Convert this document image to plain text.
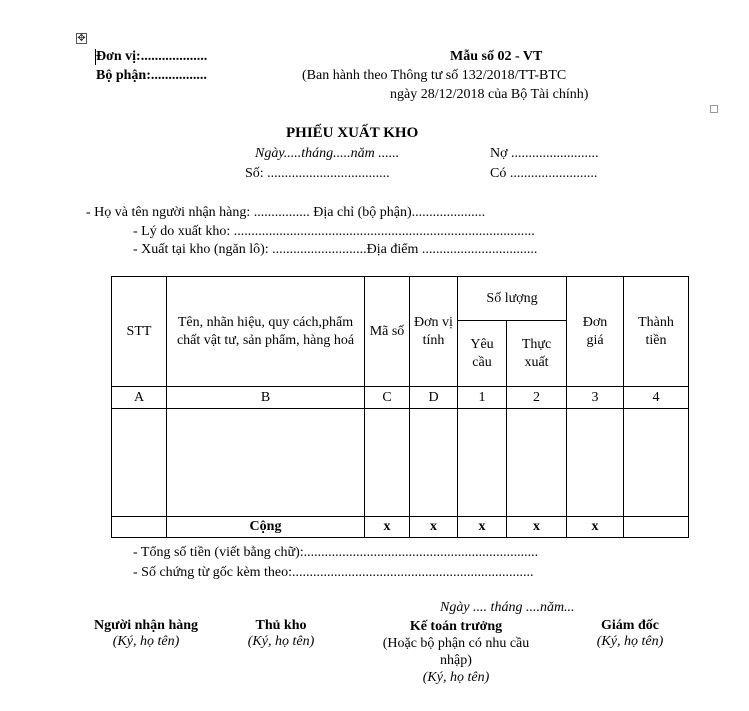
✥
Đơn vị:...................
Bộ phận:................
Mẫu số 02 - VT
(Ban hành theo Thông tư số 132/2018/TT-BTC
ngày 28/12/2018 của Bộ Tài chính)
PHIẾU XUẤT KHO
Ngày.....tháng.....năm ......
Số: ...................................
Nợ .........................
Có .........................
- Họ và tên người nhận hàng: ................ Địa chỉ (bộ phận).....................
- Lý do xuất kho: ......................................................................................
- Xuất tại kho (ngăn lô): ...........................Địa điểm .................................
STT	Tên, nhãn hiệu, quy cách,phẩm chất vật tư, sản phẩm, hàng hoá	Mã số	Đơn vị tính	Số lượng		Đơn giá	Thành tiền
				Yêu cầu	Thực xuất		
A	B	C	D	1	2	3	4

	Cộng	x	x	x	x	x	
- Tổng số tiền (viết bằng chữ):...................................................................
- Số chứng từ gốc kèm theo:.....................................................................
Ngày .... tháng ....năm...
Người nhận hàng
(Ký, họ tên)
Thủ kho
(Ký, họ tên)
Kế toán trưởng
(Hoặc bộ phận có nhu cầu nhập)
(Ký, họ tên)
Giám đốc
(Ký, họ tên)
